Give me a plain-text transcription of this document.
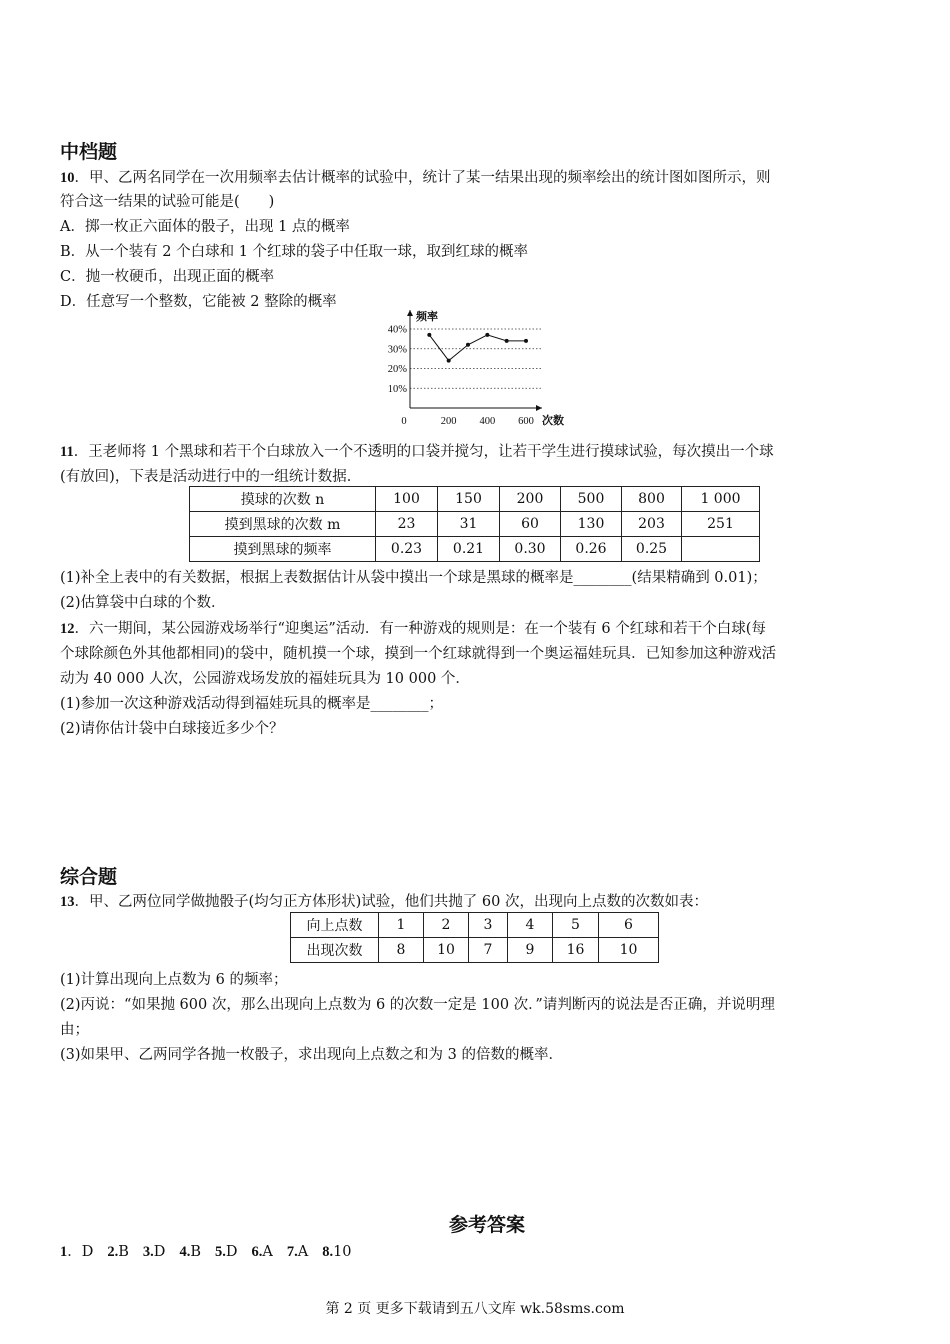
中档题
10．甲、乙两名同学在一次用频率去估计概率的试验中，统计了某一结果出现的频率绘出的统计图如图所示，则
符合这一结果的试验可能是(　　)
A．掷一枚正六面体的骰子，出现 1 点的概率
B．从一个装有 2 个白球和 1 个红球的袋子中任取一球，取到红球的概率
C．抛一枚硬币，出现正面的概率
D．任意写一个整数，它能被 2 整除的概率
10%
20%
30%
40%
频率
次数
0	200 400 600
11．王老师将 1 个黑球和若干个白球放入一个不透明的口袋并搅匀，让若干学生进行摸球试验，每次摸出一个球
(有放回)，下表是活动进行中的一组统计数据．
摸球的次数 n	100	150	200	500	800	1 000
摸到黑球的次数 m	23	31	60	130	203	251
摸到黑球的频率	0.23	0.21	0.30	0.26	0.25	
(1)补全上表中的有关数据，根据上表数据估计从袋中摸出一个球是黑球的概率是________(结果精确到 0.01)；
(2)估算袋中白球的个数．
12．六一期间，某公园游戏场举行“迎奥运”活动．有一种游戏的规则是：在一个装有 6 个红球和若干个白球(每
个球除颜色外其他都相同)的袋中，随机摸一个球，摸到一个红球就得到一个奥运福娃玩具．已知参加这种游戏活
动为 40 000 人次，公园游戏场发放的福娃玩具为 10 000 个．
(1)参加一次这种游戏活动得到福娃玩具的概率是________；
(2)请你估计袋中白球接近多少个？
综合题
13．甲、乙两位同学做抛骰子(均匀正方体形状)试验，他们共抛了 60 次，出现向上点数的次数如表：
向上点数	1	2	3	4	5	6
出现次数	8	10	7	9	16	10
(1)计算出现向上点数为 6 的频率；
(2)丙说：“如果抛 600 次，那么出现向上点数为 6 的次数一定是 100 次．”请判断丙的说法是否正确，并说明理
由；
(3)如果甲、乙两同学各抛一枚骰子，求出现向上点数之和为 3 的倍数的概率．
参考答案
1．D 2.B 3.D 4.B 5.D 6.A 7.A 8.10
第 2 页 更多下载请到五八文库 wk.58sms.com
